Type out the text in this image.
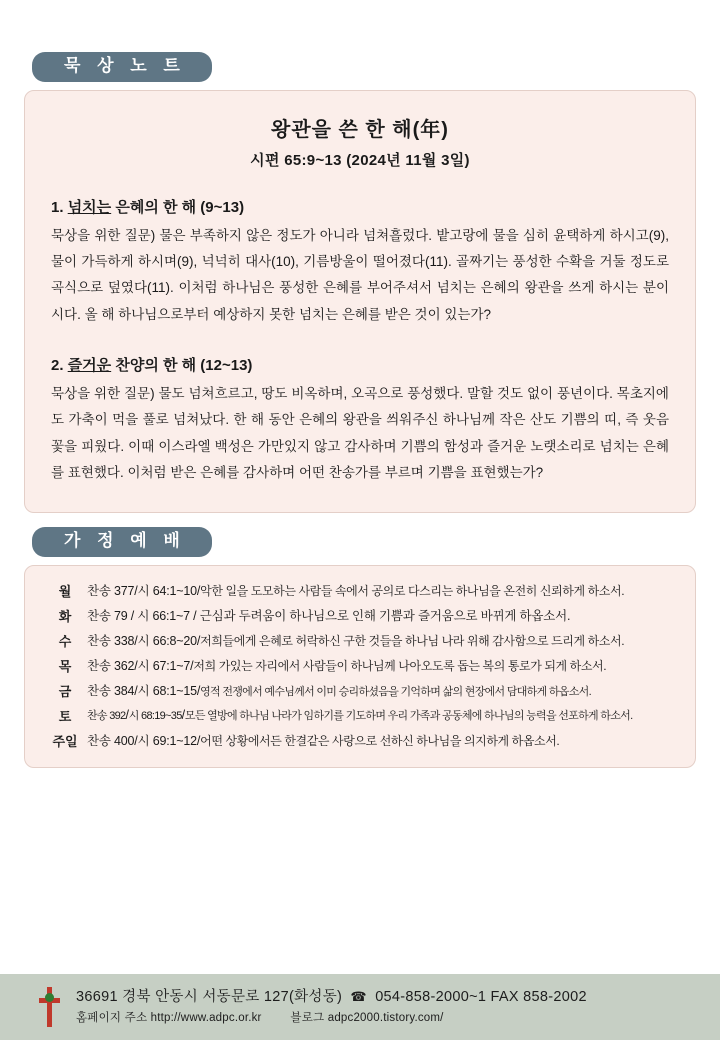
묵 상 노 트
왕관을 쓴 한 해(年)
시편 65:9~13 (2024년 11월 3일)
1. 넘치는 은혜의 한 해 (9~13)
묵상을 위한 질문) 물은 부족하지 않은 정도가 아니라 넘쳐흘렀다. 밭고랑에 물을 심히 윤택하게 하시고(9), 물이 가득하게 하시며(9), 넉넉히 대사(10), 기름방울이 떨어졌다(11). 골짜기는 풍성한 수확을 거둘 정도로 곡식으로 덮였다(11). 이처럼 하나님은 풍성한 은혜를 부어주셔서 넘치는 은혜의 왕관을 쓰게 하시는 분이시다. 올 해 하나님으로부터 예상하지 못한 넘치는 은혜를 받은 것이 있는가?
2. 즐거운 찬양의 한 해 (12~13)
묵상을 위한 질문) 물도 넘쳐흐르고, 땅도 비옥하며, 오곡으로 풍성했다. 말할 것도 없이 풍년이다. 목초지에도 가축이 먹을 풀로 넘쳐났다. 한 해 동안 은혜의 왕관을 씌워주신 하나님께 작은 산도 기쁨의 띠, 즉 웃음꽃을 피웠다. 이때 이스라엘 백성은 가만있지 않고 감사하며 기쁨의 함성과 즐거운 노랫소리로 넘치는 은혜를 표현했다. 이처럼 받은 은혜를 감사하며 어떤 찬송가를 부르며 기쁨을 표현했는가?
가 정 예 배
월	찬송 377/시 64:1~10/악한 일을 도모하는 사람들 속에서 공의로 다스리는 하나님을 온전히 신뢰하게 하소서.
화	찬송 79 / 시 66:1~7 / 근심과 두려움이 하나님으로 인해 기쁨과 즐거움으로 바뀌게 하옵소서.
수	찬송 338/시 66:8~20/저희들에게 은혜로 허락하신 구한 것들을 하나님 나라 위해 감사함으로 드리게 하소서.
목	찬송 362/시 67:1~7/저희 가있는 자리에서 사람들이 하나님께 나아오도록 돕는 복의 통로가 되게 하소서.
금	찬송 384/시 68:1~15/영적 전쟁에서 예수님께서 이미 승리하셨음을 기억하며 삶의 현장에서 담대하게 하옵소서.
토	찬송 392/시 68:19~35/모든 열방에 하나님 나라가 임하기를 기도하며 우리 가족과 공동체에 하나님의 능력을 선포하게 하소서.
주일	찬송 400/시 69:1~12/어떤 상황에서든 한결같은 사랑으로 선하신 하나님을 의지하게 하옵소서.
36691 경북 안동시 서동문로 127(화성동)  ☎  054-858-2000~1 FAX 858-2002
홈페이지 주소 http://www.adpc.or.kr	블로그 adpc2000.tistory.com/
